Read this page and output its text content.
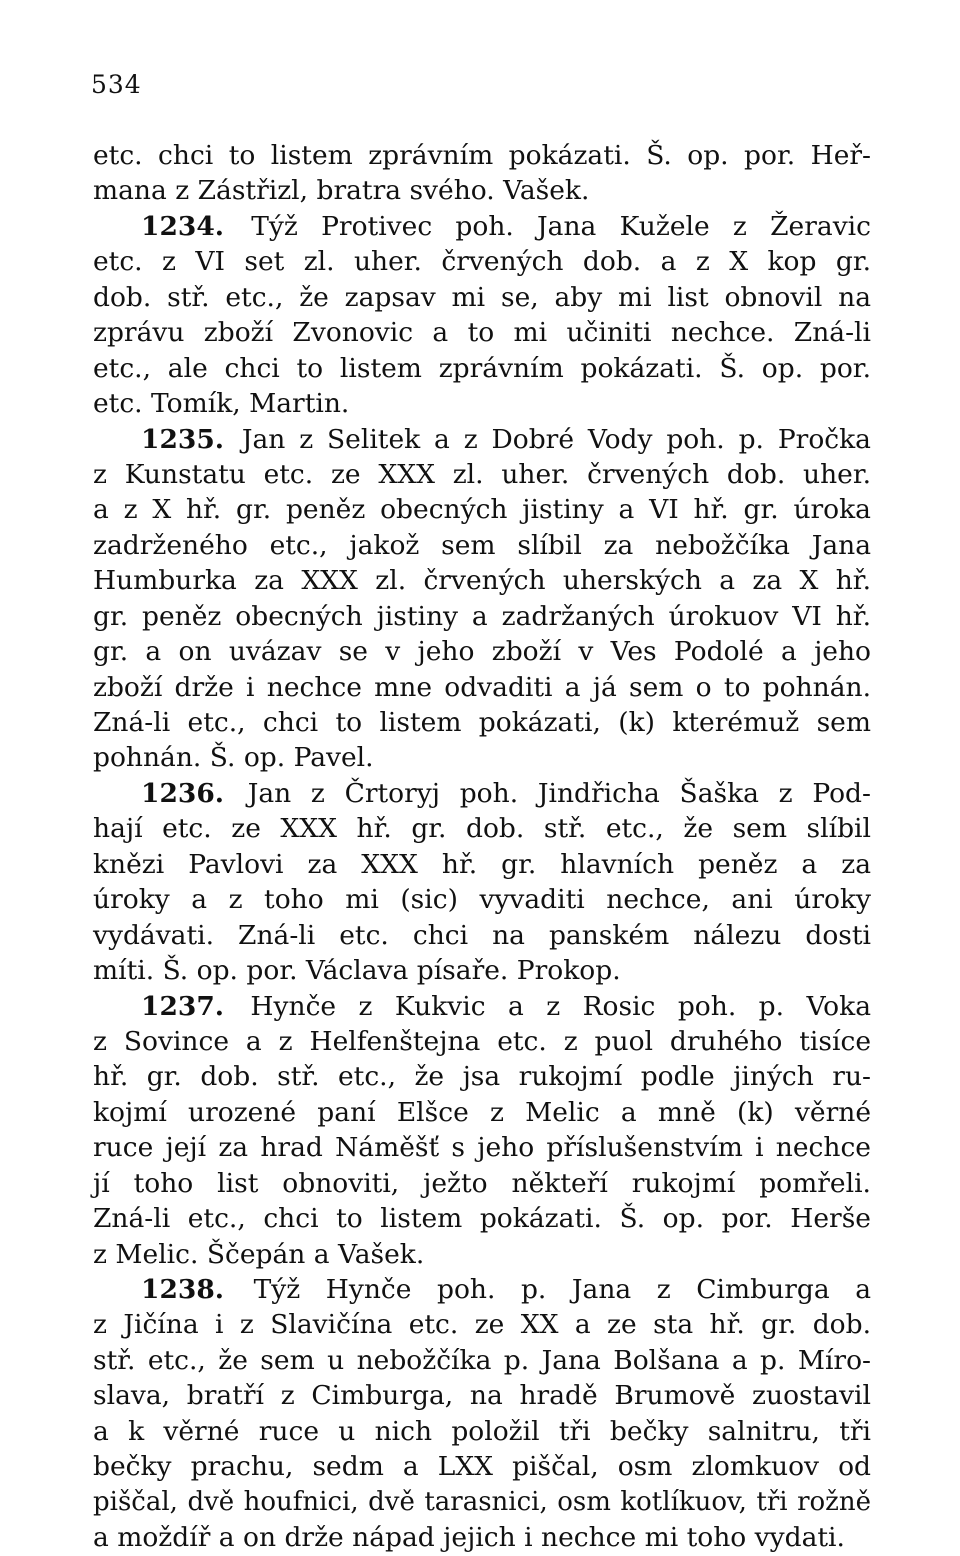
534
etc. chci to listem zprávním pokázati. Š. op. por. Heř-
mana z Zástřizl, bratra svého. Vašek.
1234. Týž Protivec poh. Jana Kužele z Žeravic
etc. z VI set zl. uher. črvených dob. a z X kop gr.
dob. stř. etc., že zapsav mi se, aby mi list obnovil na
zprávu zboží Zvonovic a to mi učiniti nechce. Zná-li
etc., ale chci to listem zprávním pokázati. Š. op. por.
etc. Tomík, Martin.
1235. Jan z Selitek a z Dobré Vody poh. p. Pročka
z Kunstatu etc. ze XXX zl. uher. črvených dob. uher.
a z X hř. gr. peněz obecných jistiny a VI hř. gr. úroka
zadrženého etc., jakož sem slíbil za nebožčíka Jana
Humburka za XXX zl. črvených uherských a za X hř.
gr. peněz obecných jistiny a zadržaných úrokuov VI hř.
gr. a on uvázav se v jeho zboží v Ves Podolé a jeho
zboží drže i nechce mne odvaditi a já sem o to pohnán.
Zná-li etc., chci to listem pokázati, (k) kterémuž sem
pohnán. Š. op. Pavel.
1236. Jan z Črtoryj poh. Jindřicha Šaška z Pod-
hají etc. ze XXX hř. gr. dob. stř. etc., že sem slíbil
knězi Pavlovi za XXX hř. gr. hlavních peněz a za
úroky a z toho mi (sic) vyvaditi nechce, ani úroky
vydávati. Zná-li etc. chci na panském nálezu dosti
míti. Š. op. por. Václava písaře. Prokop.
1237. Hynče z Kukvic a z Rosic poh. p. Voka
z Sovince a z Helfenštejna etc. z puol druhého tisíce
hř. gr. dob. stř. etc., že jsa rukojmí podle jiných ru-
kojmí urozené paní Elšce z Melic a mně (k) věrné
ruce její za hrad Náměšť s jeho příslušenstvím i nechce
jí toho list obnoviti, ježto někteří rukojmí pomřeli.
Zná-li etc., chci to listem pokázati. Š. op. por. Herše
z Melic. Ščepán a Vašek.
1238. Týž Hynče poh. p. Jana z Cimburga a
z Jičína i z Slavičína etc. ze XX a ze sta hř. gr. dob.
stř. etc., že sem u nebožčíka p. Jana Bolšana a p. Míro-
slava, bratří z Cimburga, na hradě Brumově zuostavil
a k věrné ruce u nich položil tři bečky salnitru, tři
bečky prachu, sedm a LXX piščal, osm zlomkuov od
piščal, dvě houfnici, dvě tarasnici, osm kotlíkuov, tři rožně
a moždíř a on drže nápad jejich i nechce mi toho vydati.
